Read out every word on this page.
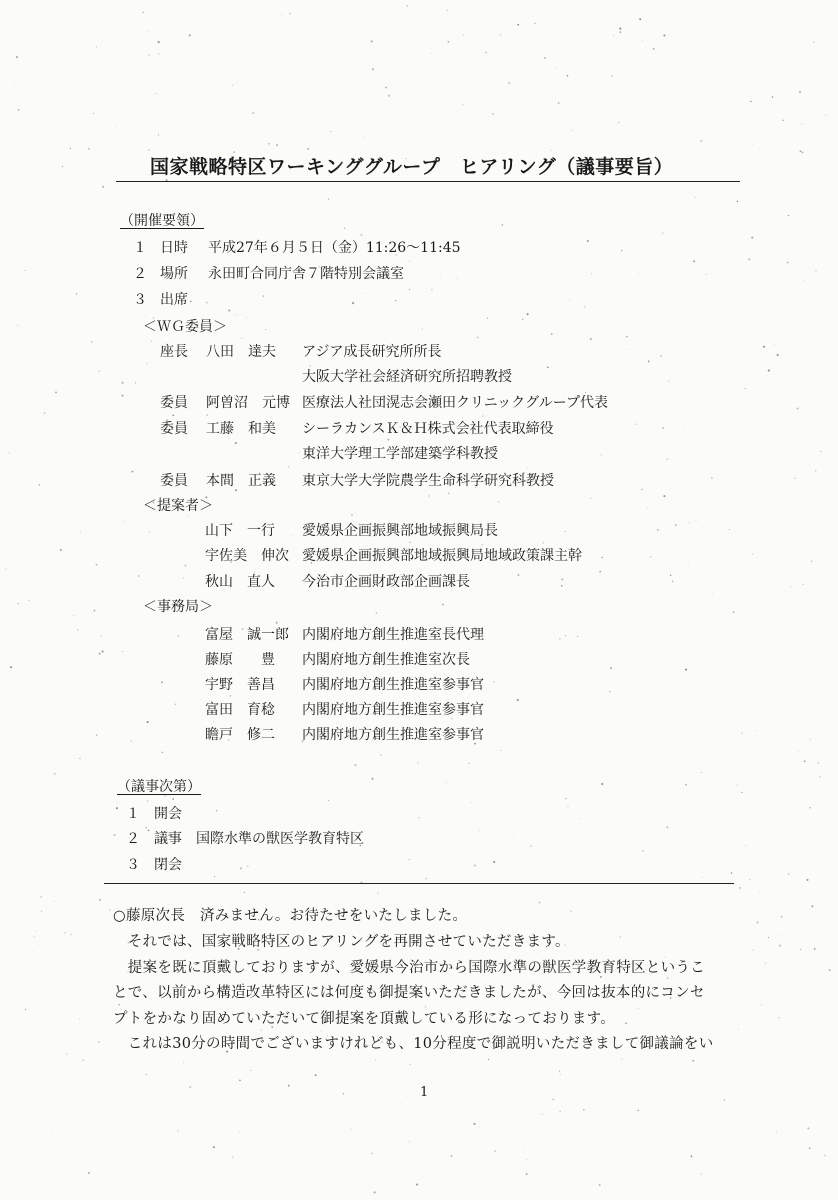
国家戦略特区ワーキンググループ　ヒアリング（議事要旨）
（開催要領）
１ 日時 平成27年６月５日（金）11:26～11:45
２ 場所 永田町合同庁舎７階特別会議室
３ 出席
＜ＷＧ委員＞
座長 八田　達夫 アジア成長研究所所長
大阪大学社会経済研究所招聘教授
委員 阿曽沼　元博 医療法人社団滉志会瀬田クリニックグループ代表
委員 工藤　和美 シーラカンスＫ＆Ｈ株式会社代表取締役
東洋大学理工学部建築学科教授
委員 本間　正義 東京大学大学院農学生命科学研究科教授
＜提案者＞
山下　一行 愛媛県企画振興部地域振興局長
宇佐美　伸次 愛媛県企画振興部地域振興局地域政策課主幹
秋山　直人 今治市企画財政部企画課長
＜事務局＞
富屋　誠一郎 内閣府地方創生推進室長代理
藤原　　豊 内閣府地方創生推進室次長
宇野　善昌 内閣府地方創生推進室参事官
富田　育稔 内閣府地方創生推進室参事官
瞻戸　修二 内閣府地方創生推進室参事官
（議事次第）
１ 開会
２ 議事　国際水準の獣医学教育特区
３ 閉会
○藤原次長　済みません。お待たせをいたしました。
　それでは、国家戦略特区のヒアリングを再開させていただきます。
　提案を既に頂戴しておりますが、愛媛県今治市から国際水準の獣医学教育特区というこ
とで、以前から構造改革特区には何度も御提案いただきましたが、今回は抜本的にコンセ
プトをかなり固めていただいて御提案を頂戴している形になっております。
　これは30分の時間でございますけれども、10分程度で御説明いただきまして御議論をい
1
